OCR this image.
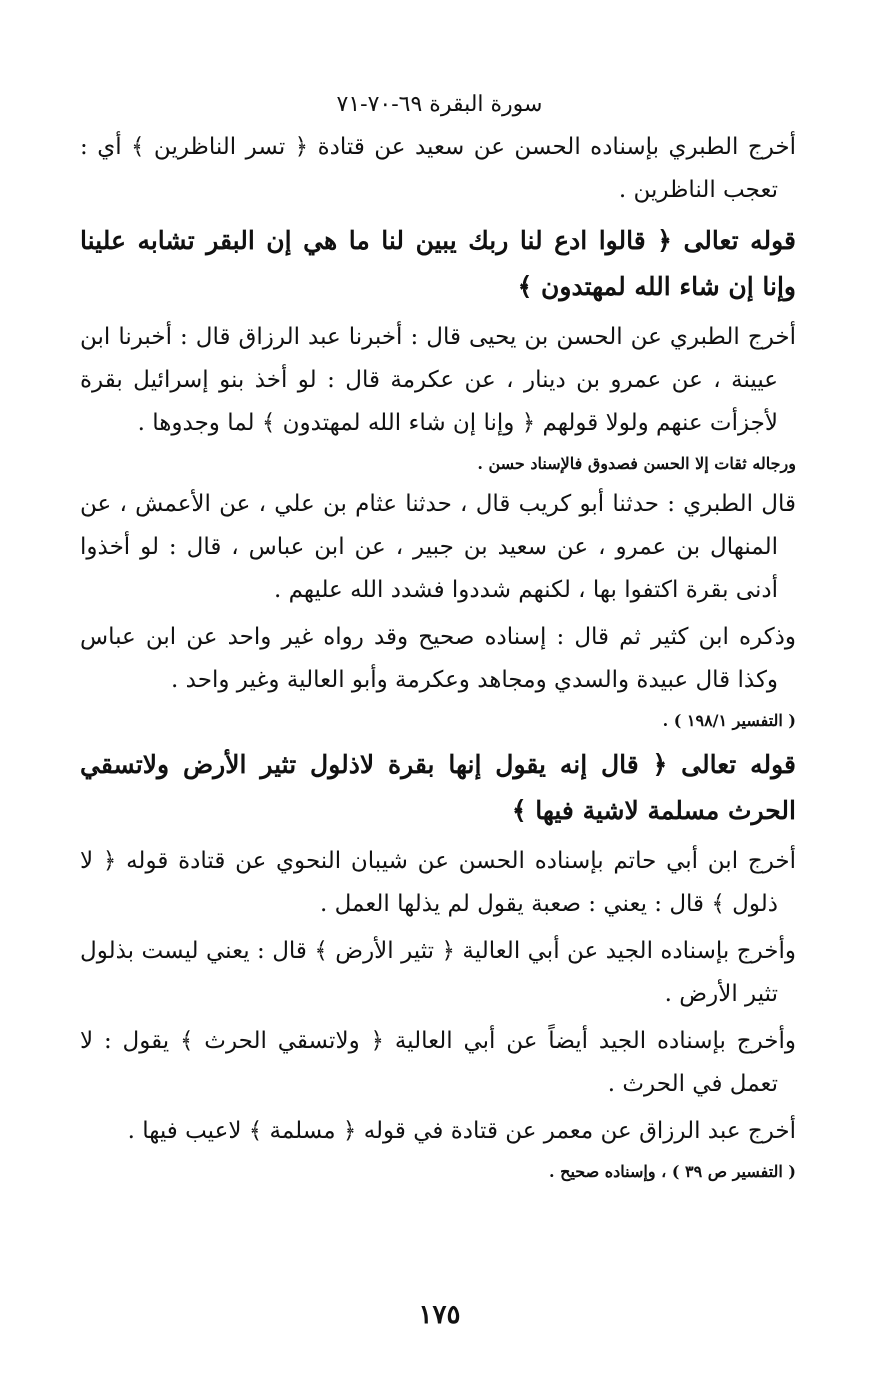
سورة البقرة ٦٩-٧٠-٧١

أخرج الطبري بإسناده الحسن عن سعيد عن قتادة ﴿ تسر الناظرين ﴾ أي : تعجب الناظرين .

قوله تعالى ﴿ قالوا ادع لنا ربك يبين لنا ما هي إن البقر تشابه علينا وإنا إن شاء الله لمهتدون ﴾

أخرج الطبري عن الحسن بن يحيى قال : أخبرنا عبد الرزاق قال : أخبرنا ابن عيينة ، عن عمرو بن دينار ، عن عكرمة قال : لو أخذ بنو إسرائيل بقرة لأجزأت عنهم ولولا قولهم ﴿ وإنا إن شاء الله لمهتدون ﴾ لما وجدوها .

ورجاله ثقات إلا الحسن فصدوق فالإسناد حسن .

قال الطبري : حدثنا أبو كريب قال ، حدثنا عثام بن علي ، عن الأعمش ، عن المنهال بن عمرو ، عن سعيد بن جبير ، عن ابن عباس ، قال : لو أخذوا أدنى بقرة اكتفوا بها ، لكنهم شددوا فشدد الله عليهم .

وذكره ابن كثير ثم قال : إسناده صحيح وقد رواه غير واحد عن ابن عباس وكذا قال عبيدة والسدي ومجاهد وعكرمة وأبو العالية وغير واحد .

( التفسير ١٩٨/١ ) .

قوله تعالى ﴿ قال إنه يقول إنها بقرة لاذلول تثير الأرض ولاتسقي الحرث مسلمة لاشية فيها ﴾

أخرج ابن أبي حاتم بإسناده الحسن عن شيبان النحوي عن قتادة قوله ﴿ لا ذلول ﴾ قال : يعني : صعبة يقول لم يذلها العمل .

وأخرج بإسناده الجيد عن أبي العالية ﴿ تثير الأرض ﴾ قال : يعني ليست بذلول تثير الأرض .

وأخرج بإسناده الجيد أيضاً عن أبي العالية ﴿ ولاتسقي الحرث ﴾ يقول : لا تعمل في الحرث .

أخرج عبد الرزاق عن معمر عن قتادة في قوله ﴿ مسلمة ﴾ لاعيب فيها .

( التفسير ص ٣٩ ) ، وإسناده صحيح .

١٧٥
